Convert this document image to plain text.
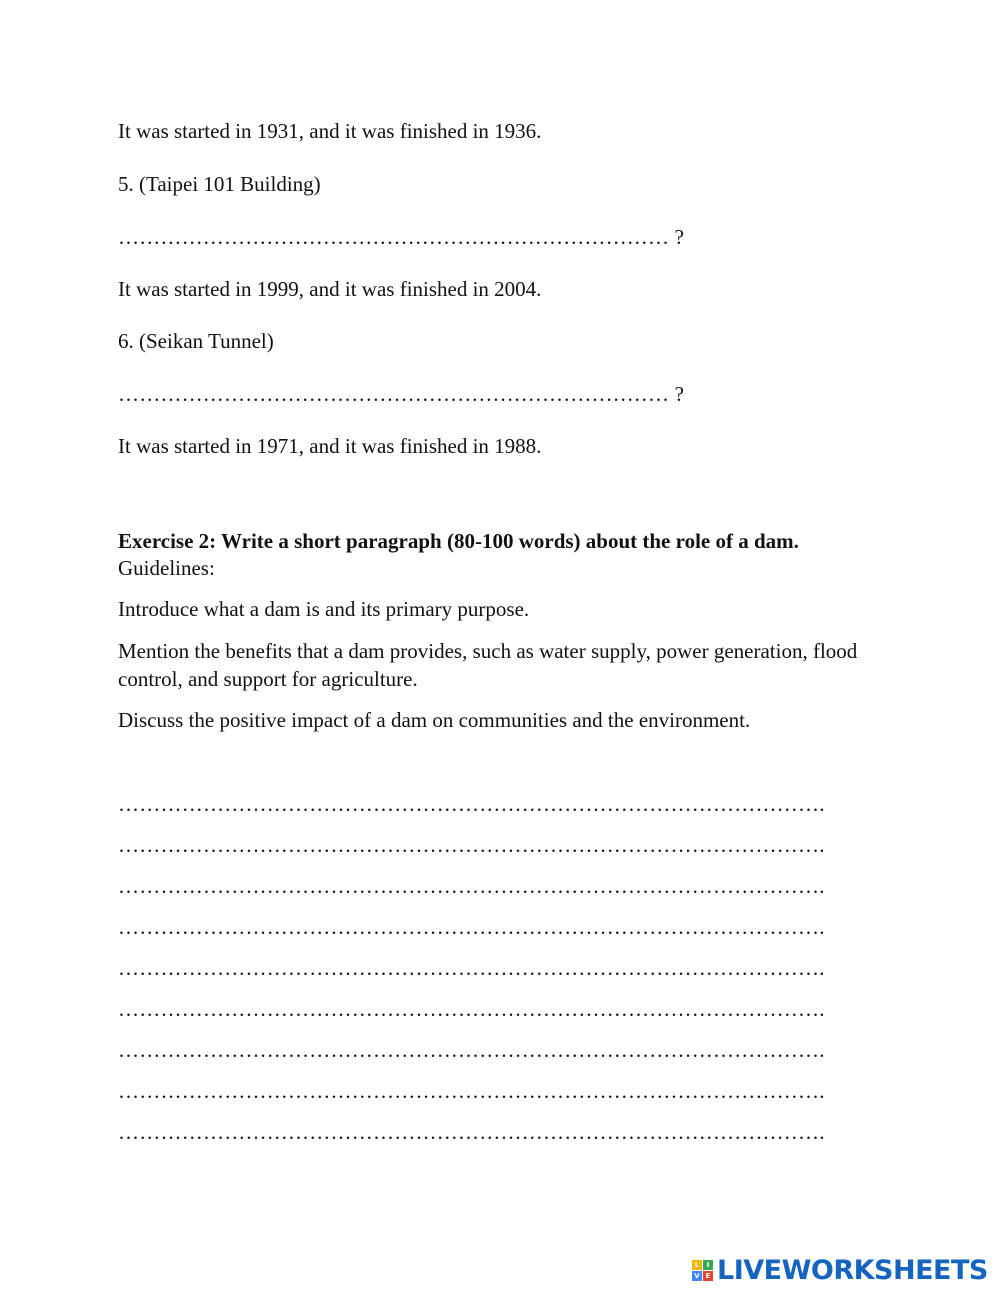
It was started in 1931, and it was finished in 1936.
5. (Taipei 101 Building)
…………………………………………………………………… ?
It was started in 1999, and it was finished in 2004.
6. (Seikan Tunnel)
…………………………………………………………………… ?
It was started in 1971, and it was finished in 1988.
Exercise 2: Write a short paragraph (80-100 words) about the role of a dam.
Guidelines:
Introduce what a dam is and its primary purpose.
Mention the benefits that a dam provides, such as water supply, power generation, flood control, and support for agriculture.
Discuss the positive impact of a dam on communities and the environment.
……………………………………………………………………………………….
……………………………………………………………………………………….
……………………………………………………………………………………….
……………………………………………………………………………………….
……………………………………………………………………………………….
……………………………………………………………………………………….
……………………………………………………………………………………….
……………………………………………………………………………………….
……………………………………………………………………………………….
L	I
V E LIVEWORKSHEETS
